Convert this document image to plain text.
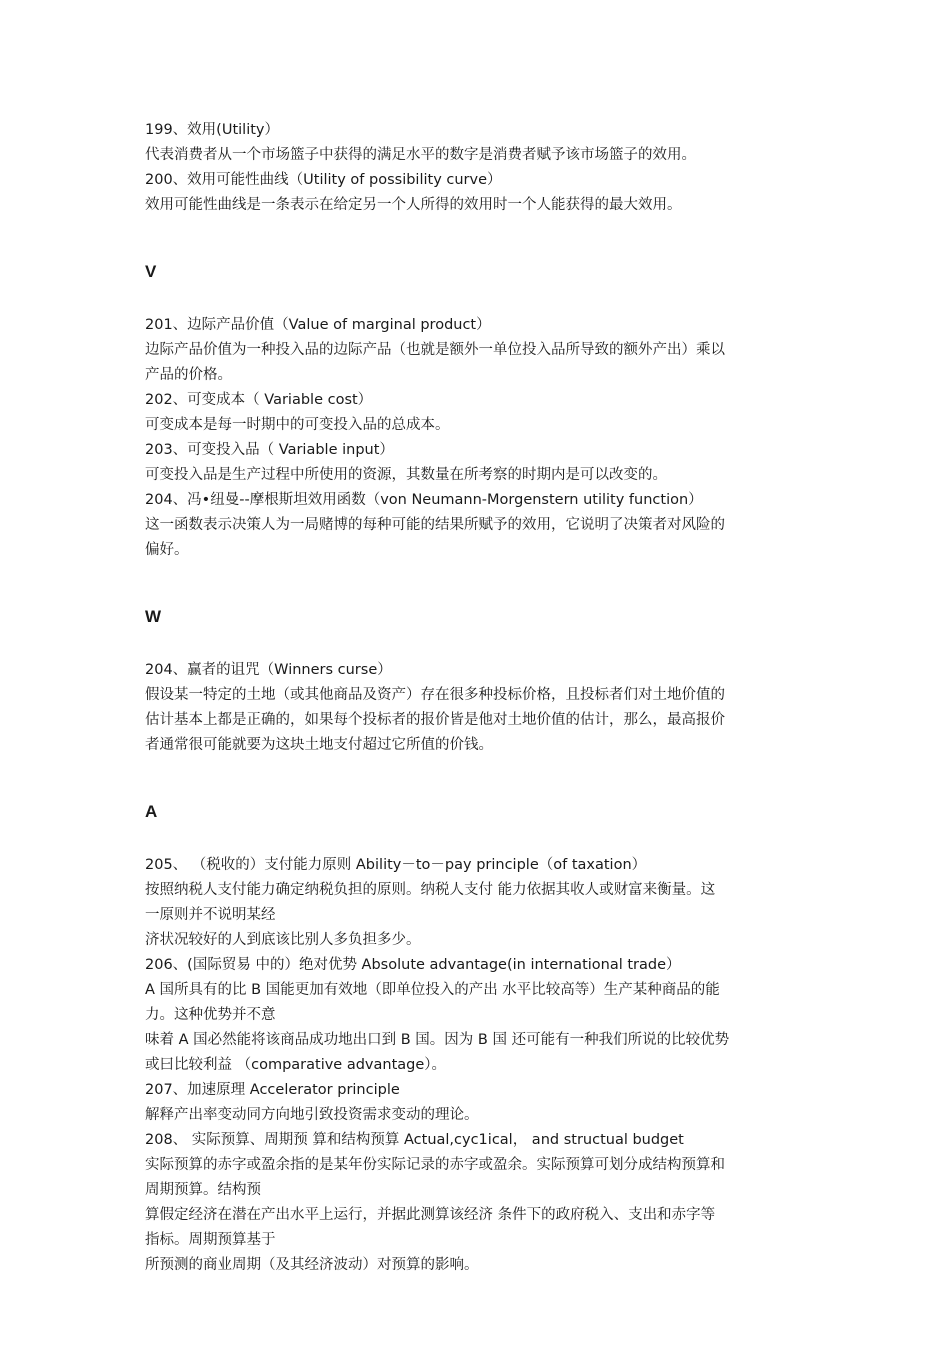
199、效用(Utility）

代表消费者从一个市场篮子中获得的满足水平的数字是消费者赋予该市场篮子的效用。

200、效用可能性曲线（Utility of possibility curve）

效用可能性曲线是一条表示在给定另一个人所得的效用时一个人能获得的最大效用。

V

201、边际产品价值（Value of marginal product）

边际产品价值为一种投入品的边际产品（也就是额外一单位投入品所导致的额外产出）乘以

产品的价格。

202、可变成本（ Variable cost）

可变成本是每一时期中的可变投入品的总成本。

203、可变投入品（ Variable input）

可变投入品是生产过程中所使用的资源，其数量在所考察的时期内是可以改变的。

204、冯•纽曼--摩根斯坦效用函数（von Neumann-Morgenstern utility function）

这一函数表示决策人为一局赌博的每种可能的结果所赋予的效用，它说明了决策者对风险的

偏好。

W

204、赢者的诅咒（Winners curse）

假设某一特定的土地（或其他商品及资产）存在很多种投标价格，且投标者们对土地价值的

估计基本上都是正确的，如果每个投标者的报价皆是他对土地价值的估计，那么，最高报价

者通常很可能就要为这块土地支付超过它所值的价钱。

A

205、 （税收的）支付能力原则 Ability－to－pay principle（of taxation）

按照纳税人支付能力确定纳税负担的原则。纳税人支付 能力依据其收人或财富来衡量。这

一原则并不说明某经

济状况较好的人到底该比别人多负担多少。

206、(国际贸易 中的）绝对优势 Absolute advantage(in international trade）

A 国所具有的比 B 国能更加有效地（即单位投入的产出 水平比较高等）生产某种商品的能

力。这种优势并不意

味着 A 国必然能将该商品成功地出口到 B 国。因为 B 国 还可能有一种我们所说的比较优势

或曰比较利益 （comparative advantage）。

207、加速原理 Accelerator principle

解释产出率变动同方向地引致投资需求变动的理论。

208、 实际预算、周期预 算和结构预算 Actual,cyc1ical， and structual budget

实际预算的赤字或盈余指的是某年份实际记录的赤字或盈余。实际预算可划分成结构预算和

周期预算。结构预

算假定经济在潜在产出水平上运行，并据此测算该经济 条件下的政府税入、支出和赤字等

指标。周期预算基于

所预测的商业周期（及其经济波动）对预算的影响。
